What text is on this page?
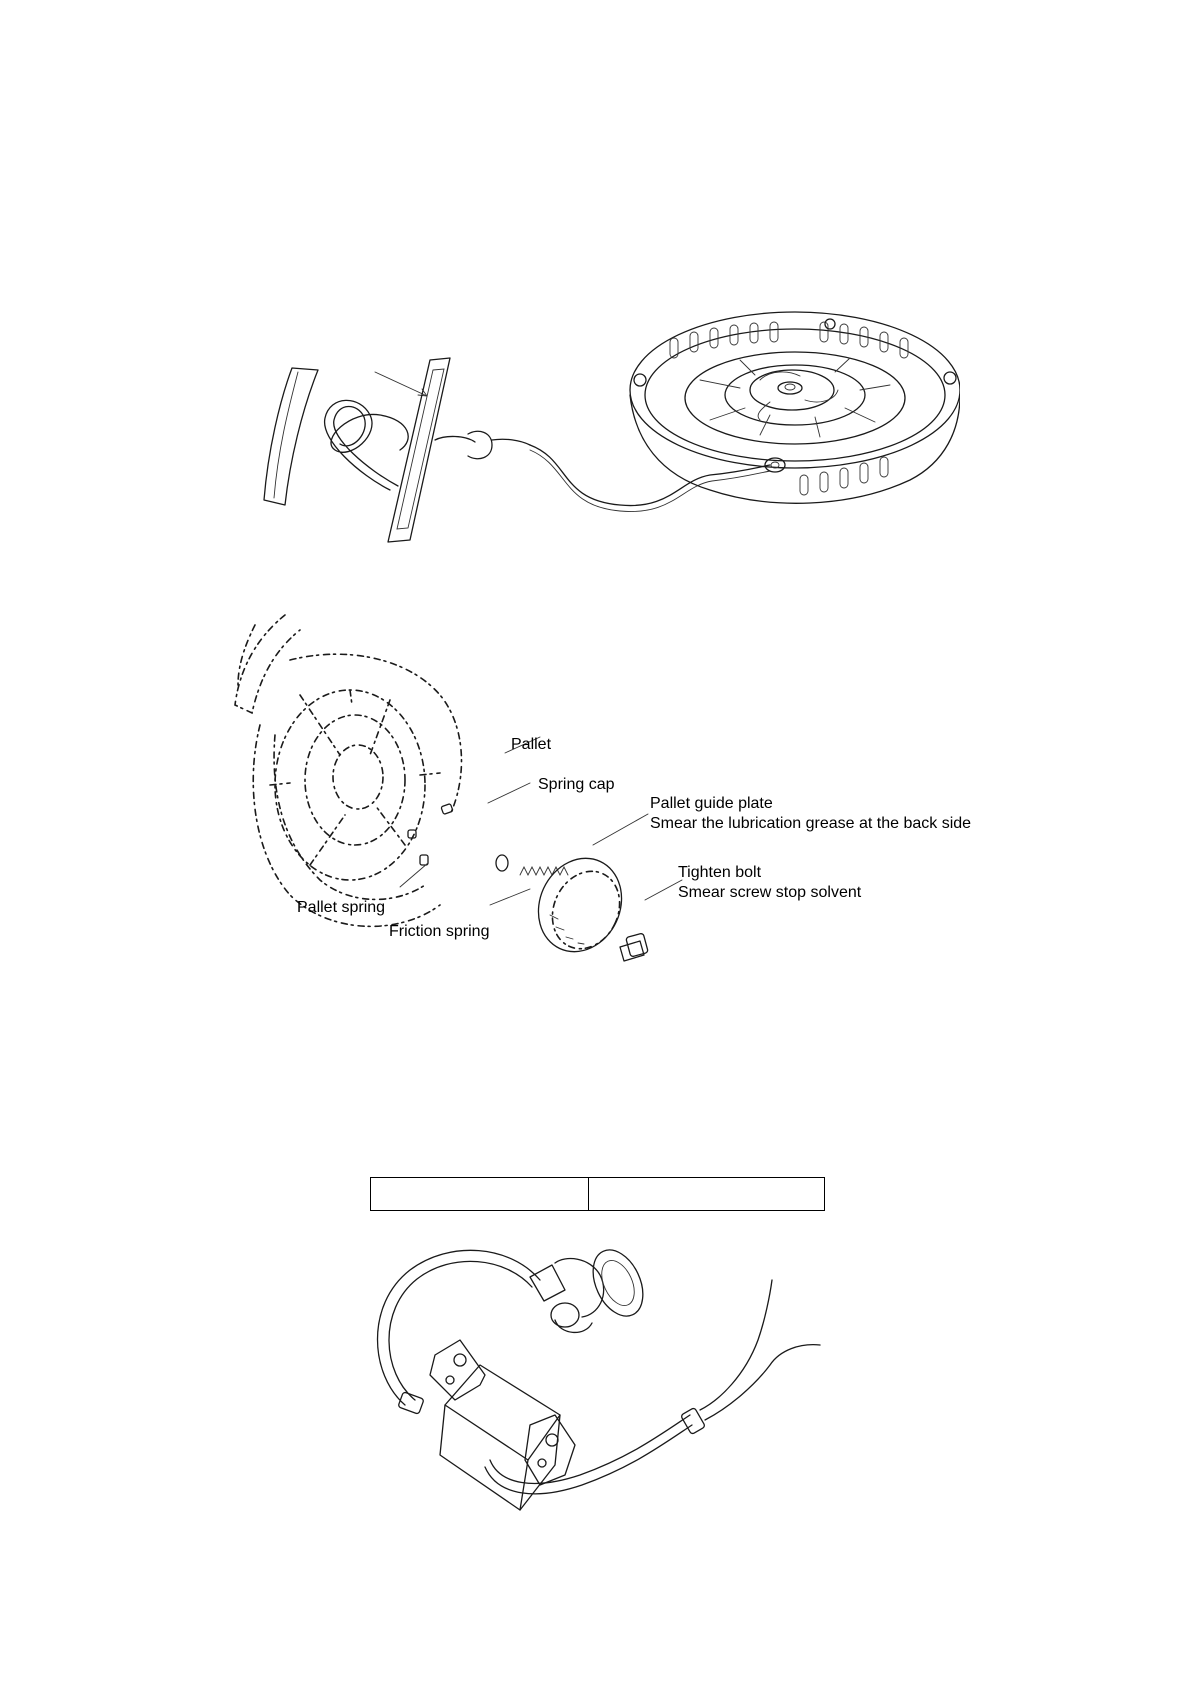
Pallet
Spring cap
Pallet guide plate
Smear the lubrication grease at the back side
Tighten bolt
Smear screw stop solvent
Pallet spring
Friction spring
